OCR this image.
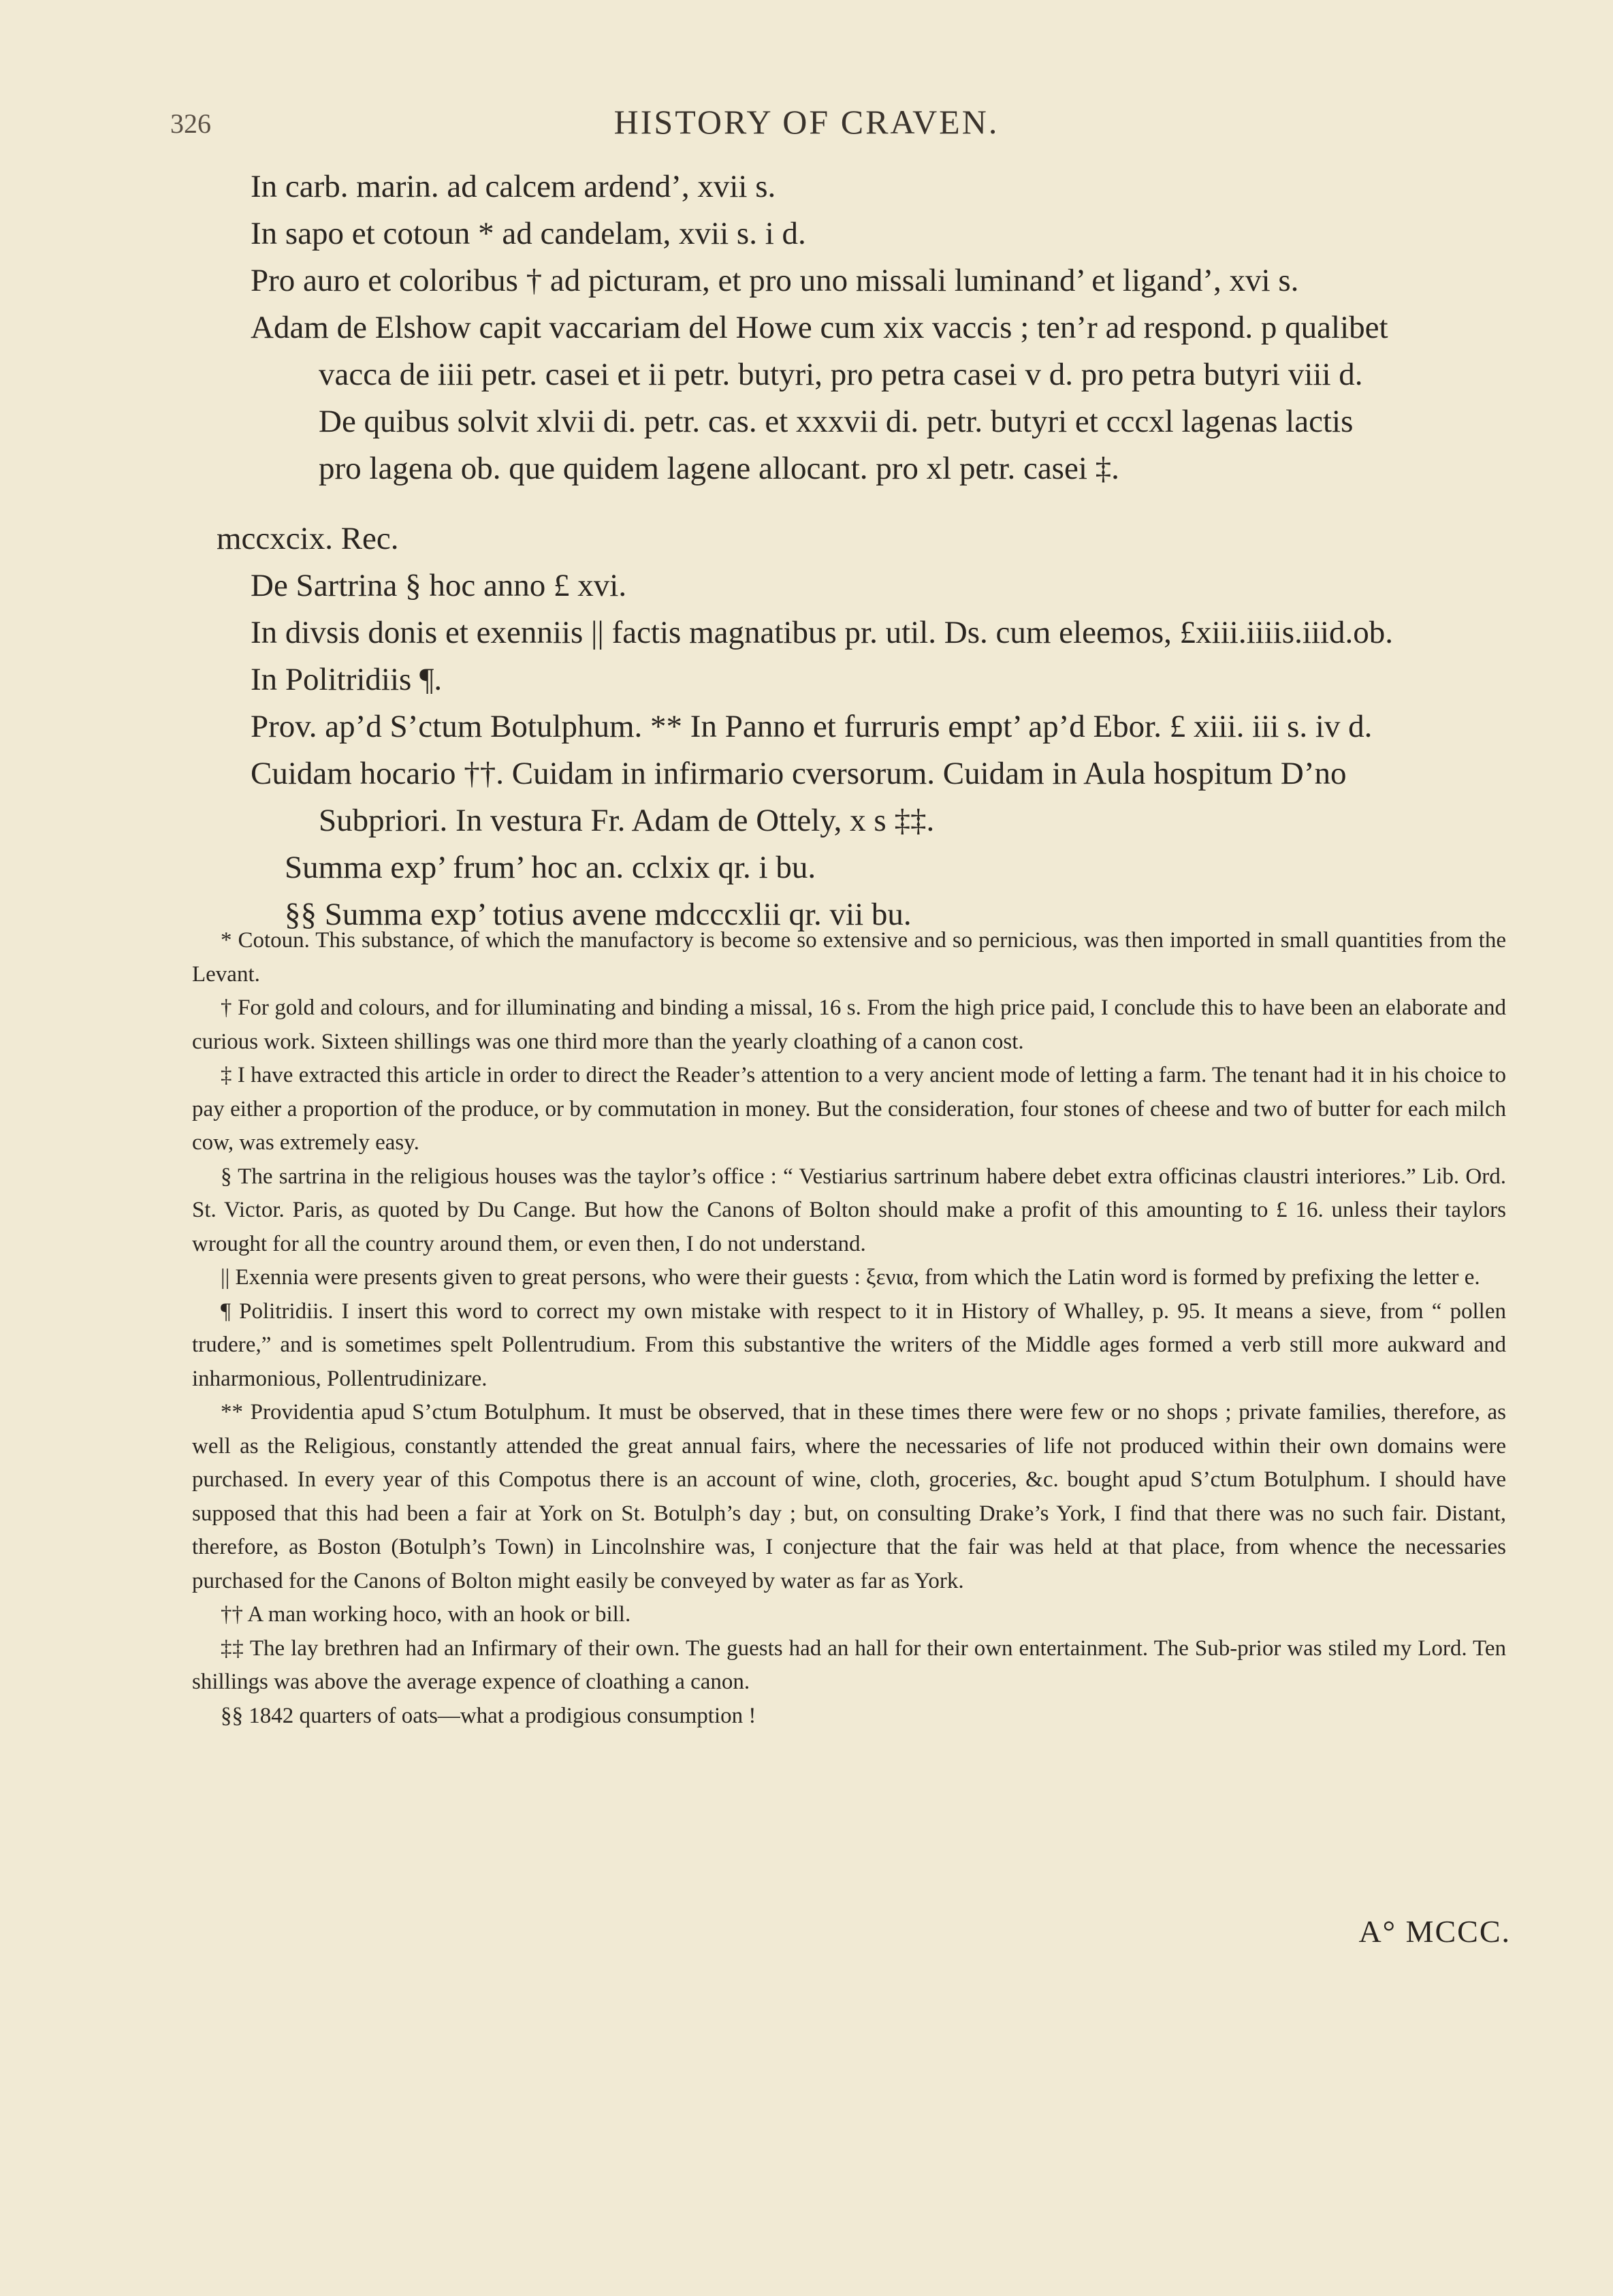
326	HISTORY OF CRAVEN.
In carb. marin. ad calcem ardend’, xvii s.
In sapo et cotoun * ad candelam, xvii s. i d.
Pro auro et coloribus † ad picturam, et pro uno missali luminand’ et ligand’, xvi s.
Adam de Elshow capit vaccariam del Howe cum xix vaccis ; ten’r ad respond. p qualibet
vacca de iiii petr. casei et ii petr. butyri, pro petra casei v d. pro petra butyri viii d.
De quibus solvit xlvii di. petr. cas. et xxxvii di. petr. butyri et cccxl lagenas lactis
pro lagena ob. que quidem lagene allocant. pro xl petr. casei ‡.
mccxcix. Rec.
De Sartrina § hoc anno £ xvi.
In divsis donis et exenniis || factis magnatibus pr. util. Ds. cum eleemos, £xiii.iiiis.iiid.ob.
In Politridiis ¶.
Prov. ap’d S’ctum Botulphum. ** In Panno et furruris empt’ ap’d Ebor. £ xiii. iii s. iv d.
Cuidam hocario ††. Cuidam in infirmario cversorum. Cuidam in Aula hospitum D’no
Subpriori. In vestura Fr. Adam de Ottely, x s ‡‡.
Summa exp’ frum’ hoc an. cclxix qr. i bu.
§§ Summa exp’ totius avene mdcccxlii qr. vii bu.

* Cotoun. This substance, of which the manufactory is become so extensive and so pernicious, was then imported in small quantities from the Levant.

† For gold and colours, and for illuminating and binding a missal, 16 s. From the high price paid, I conclude this to have been an elaborate and curious work. Sixteen shillings was one third more than the yearly cloathing of a canon cost.

‡ I have extracted this article in order to direct the Reader’s attention to a very ancient mode of letting a farm. The tenant had it in his choice to pay either a proportion of the produce, or by commutation in money. But the consideration, four stones of cheese and two of butter for each milch cow, was extremely easy.

§ The sartrina in the religious houses was the taylor’s office : “ Vestiarius sartrinum habere debet extra officinas claustri interiores.” Lib. Ord. St. Victor. Paris, as quoted by Du Cange. But how the Canons of Bolton should make a profit of this amounting to £ 16. unless their taylors wrought for all the country around them, or even then, I do not understand.

|| Exennia were presents given to great persons, who were their guests : ξενια, from which the Latin word is formed by prefixing the letter e.

¶ Politridiis. I insert this word to correct my own mistake with respect to it in History of Whalley, p. 95. It means a sieve, from “ pollen trudere,” and is sometimes spelt Pollentrudium. From this substantive the writers of the Middle ages formed a verb still more aukward and inharmonious, Pollentrudinizare.

** Providentia apud S’ctum Botulphum. It must be observed, that in these times there were few or no shops ; private families, therefore, as well as the Religious, constantly attended the great annual fairs, where the necessaries of life not produced within their own domains were purchased. In every year of this Compotus there is an account of wine, cloth, groceries, &c. bought apud S’ctum Botulphum. I should have supposed that this had been a fair at York on St. Botulph’s day ; but, on consulting Drake’s York, I find that there was no such fair. Distant, therefore, as Boston (Botulph’s Town) in Lincolnshire was, I conjecture that the fair was held at that place, from whence the necessaries purchased for the Canons of Bolton might easily be conveyed by water as far as York.

†† A man working hoco, with an hook or bill.

‡‡ The lay brethren had an Infirmary of their own. The guests had an hall for their own entertainment. The Sub-prior was stiled my Lord. Ten shillings was above the average expence of cloathing a canon.

§§ 1842 quarters of oats—what a prodigious consumption !

A° MCCC.
